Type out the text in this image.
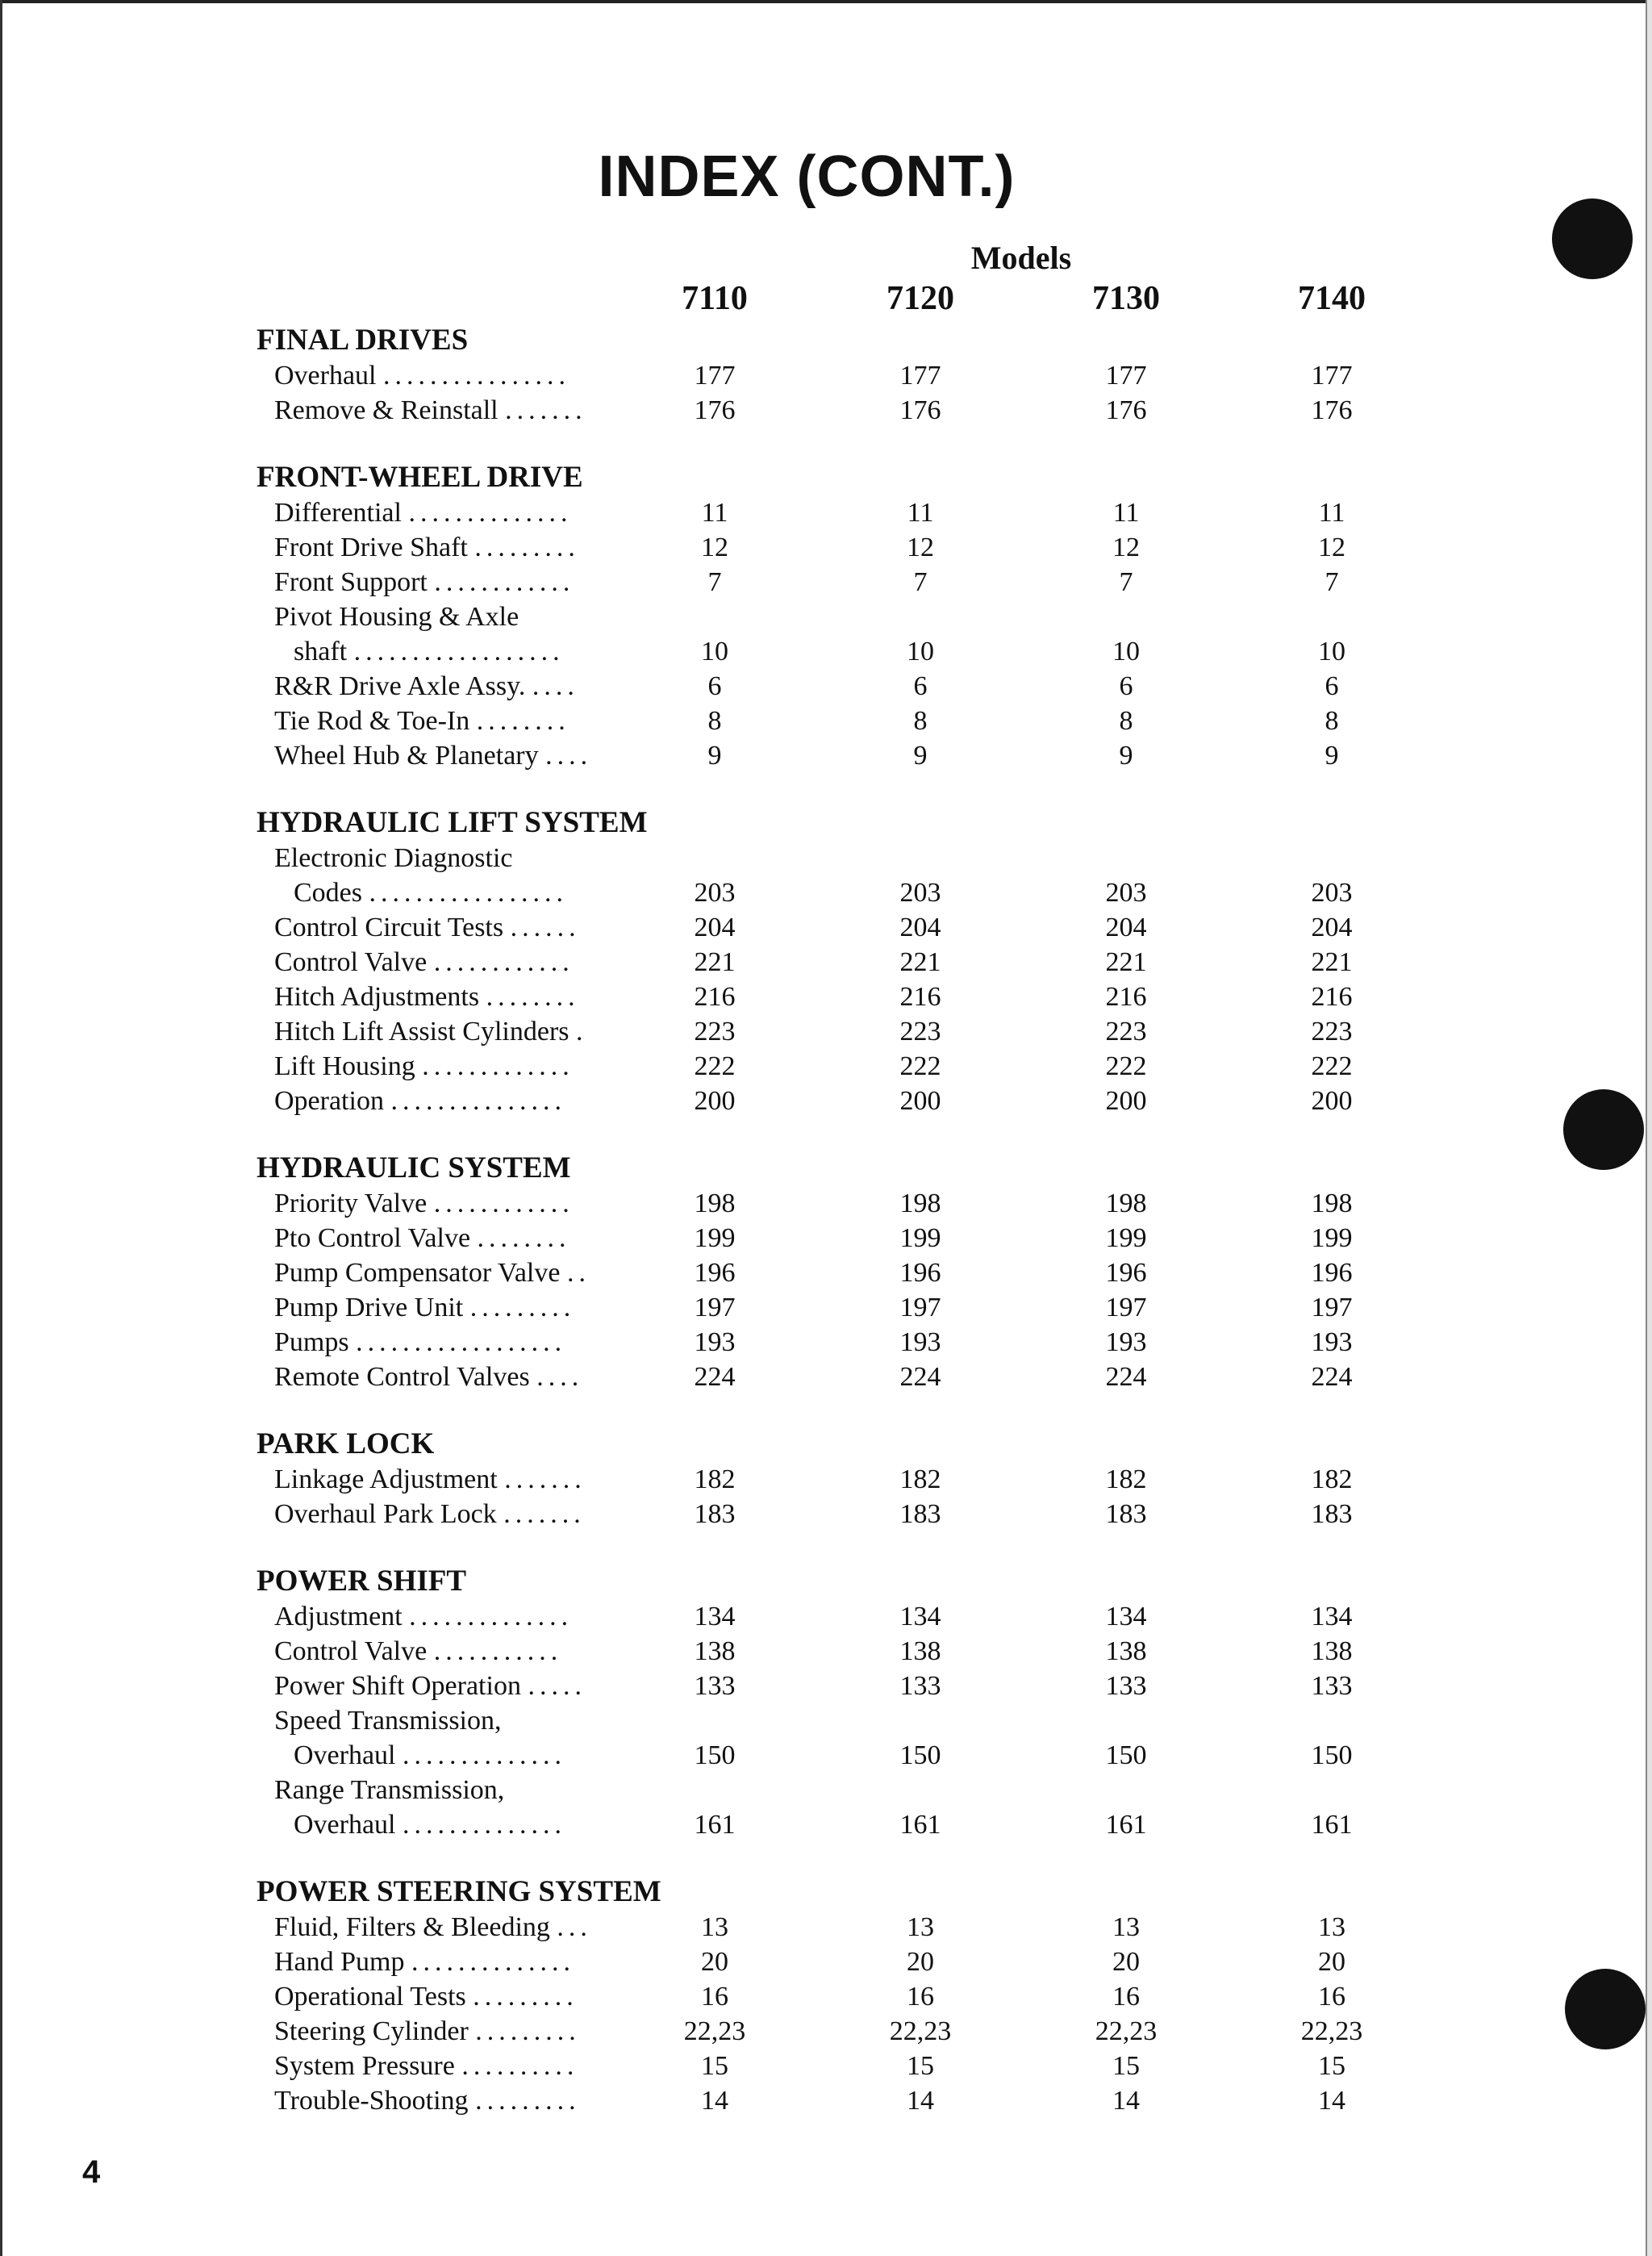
INDEX (CONT.)
Models
7110	7120	7130	7140
FINAL DRIVES
Overhaul ................	177	177	177	177
Remove & Reinstall .......	176	176	176	176
FRONT-WHEEL DRIVE
Differential ..............	11	11	11	11
Front Drive Shaft .........	12	12	12	12
Front Support ............	7	7	7	7
Pivot Housing & Axle
shaft ..................	10	10	10	10
R&R Drive Axle Assy. ....	6	6	6	6
Tie Rod & Toe-In ........	8	8	8	8
Wheel Hub & Planetary ....	9	9	9	9
HYDRAULIC LIFT SYSTEM
Electronic Diagnostic
Codes .................	203	203	203	203
Control Circuit Tests ......	204	204	204	204
Control Valve ............	221	221	221	221
Hitch Adjustments ........	216	216	216	216
Hitch Lift Assist Cylinders .	223	223	223	223
Lift Housing .............	222	222	222	222
Operation ...............	200	200	200	200
HYDRAULIC SYSTEM
Priority Valve ............	198	198	198	198
Pto Control Valve ........	199	199	199	199
Pump Compensator Valve ..	196	196	196	196
Pump Drive Unit .........	197	197	197	197
Pumps ..................	193	193	193	193
Remote Control Valves ....	224	224	224	224
PARK LOCK
Linkage Adjustment .......	182	182	182	182
Overhaul Park Lock .......	183	183	183	183
POWER SHIFT
Adjustment ..............	134	134	134	134
Control Valve ...........	138	138	138	138
Power Shift Operation .....	133	133	133	133
Speed Transmission,
Overhaul ..............	150	150	150	150
Range Transmission,
Overhaul ..............	161	161	161	161
POWER STEERING SYSTEM
Fluid, Filters & Bleeding ...	13	13	13	13
Hand Pump ..............	20	20	20	20
Operational Tests .........	16	16	16	16
Steering Cylinder .........	22,23	22,23	22,23	22,23
System Pressure ..........	15	15	15	15
Trouble-Shooting .........	14	14	14	14
4
